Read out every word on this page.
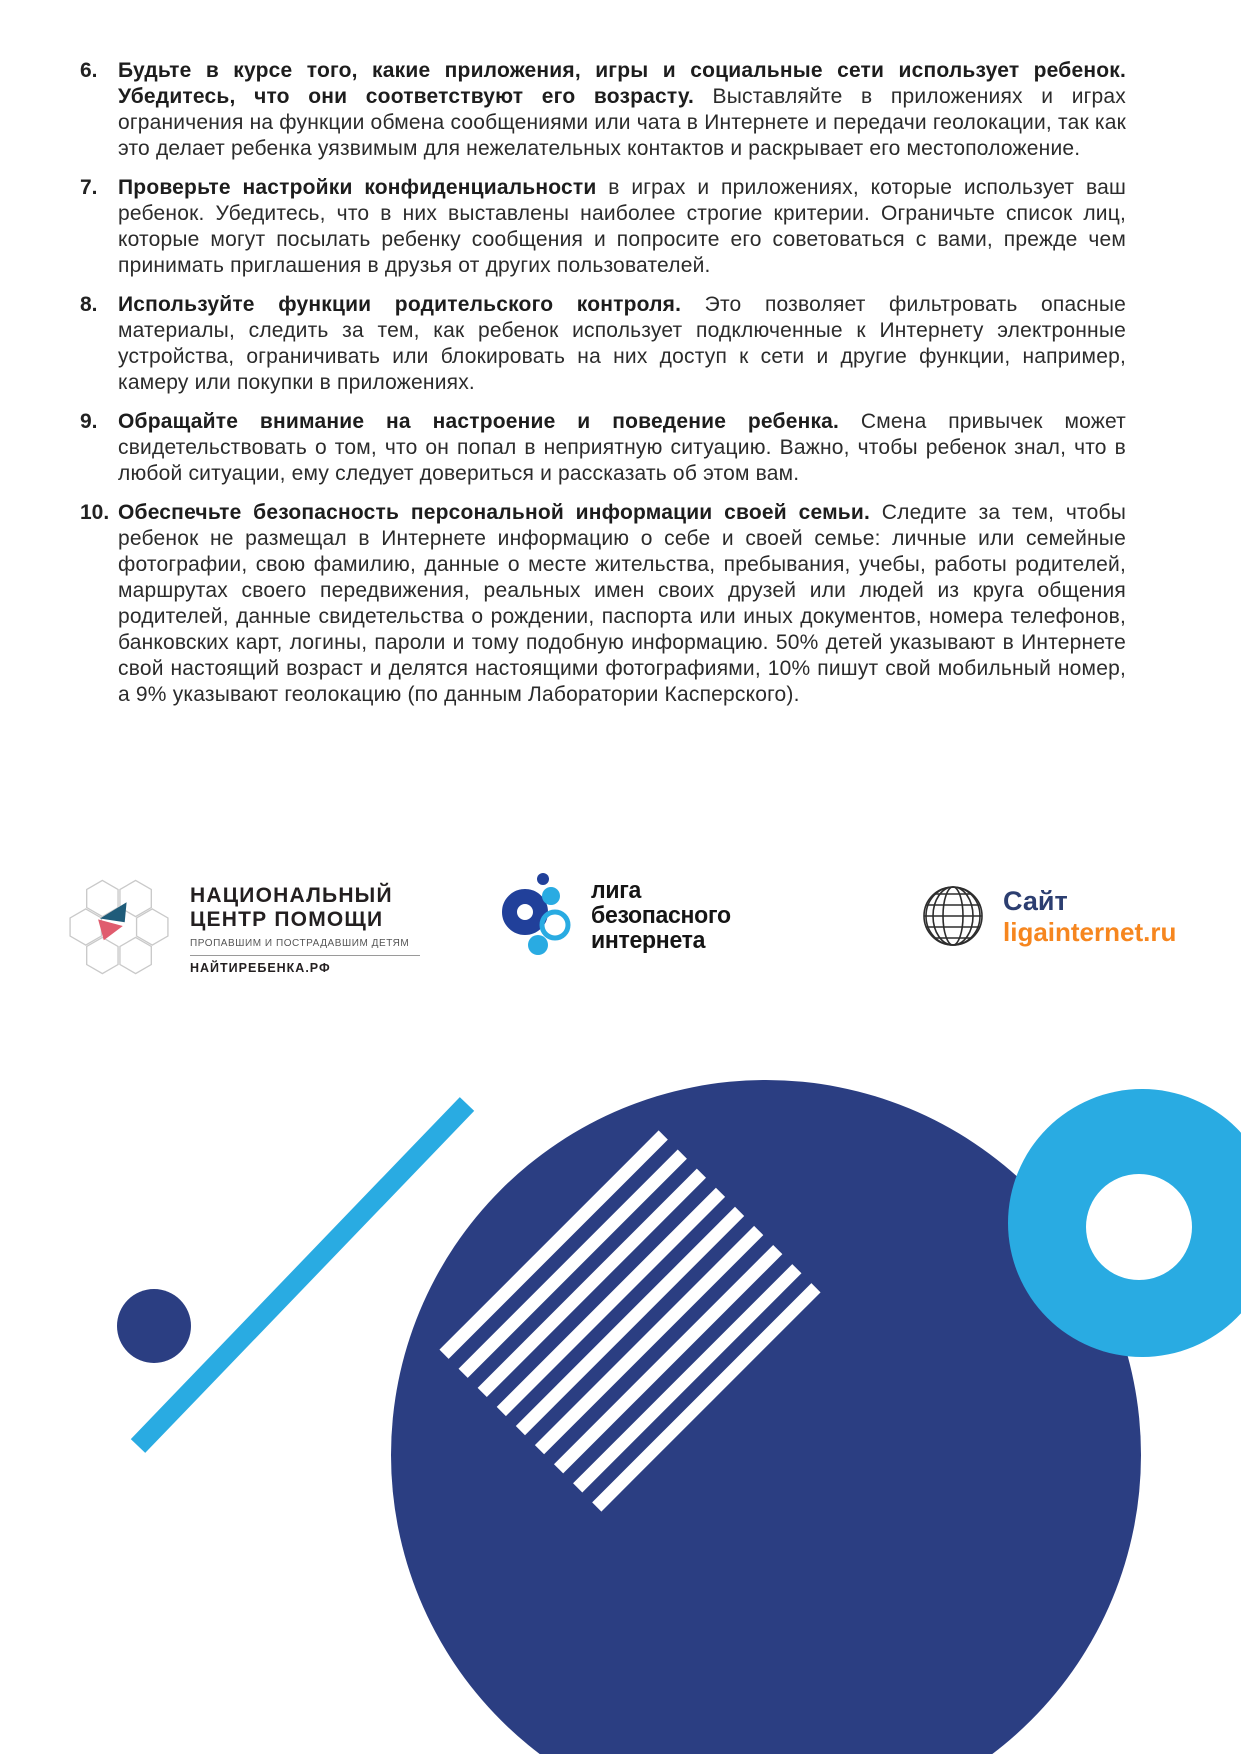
6. Будьте в курсе того, какие приложения, игры и социальные сети использует ребенок. Убедитесь, что они соответствуют его возрасту. Выставляйте в приложениях и играх ограничения на функции обмена сообщениями или чата в Интернете и передачи геолокации, так как это делает ребенка уязвимым для нежелательных контактов и раскрывает его местоположение.
7. Проверьте настройки конфиденциальности в играх и приложениях, которые использует ваш ребенок. Убедитесь, что в них выставлены наиболее строгие критерии. Ограничьте список лиц, которые могут посылать ребенку сообщения и попросите его советоваться с вами, прежде чем принимать приглашения в друзья от других пользователей.
8. Используйте функции родительского контроля. Это позволяет фильтровать опасные материалы, следить за тем, как ребенок использует подключенные к Интернету электронные устройства, ограничивать или блокировать на них доступ к сети и другие функции, например, камеру или покупки в приложениях.
9. Обращайте внимание на настроение и поведение ребенка. Смена привычек может свидетельствовать о том, что он попал в неприятную ситуацию. Важно, чтобы ребенок знал, что в любой ситуации, ему следует довериться и рассказать об этом вам.
10. Обеспечьте безопасность персональной информации своей семьи. Следите за тем, чтобы ребенок не размещал в Интернете информацию о себе и своей семье: личные или семейные фотографии, свою фамилию, данные о месте жительства, пребывания, учебы, работы родителей, маршрутах своего передвижения, реальных имен своих друзей или людей из круга общения родителей, данные свидетельства о рождении, паспорта или иных документов, номера телефонов, банковских карт, логины, пароли и тому подобную информацию. 50% детей указывают в Интернете свой настоящий возраст и делятся настоящими фотографиями, 10% пишут свой мобильный номер, а 9% указывают геолокацию (по данным Лаборатории Касперского).
НАЦИОНАЛЬНЫЙ
ЦЕНТР ПОМОЩИ
ПРОПАВШИМ И ПОСТРАДАВШИМ ДЕТЯМ
НАЙТИРЕБЕНКА.РФ
лига
безопасного
интернета
Сайт
ligainternet.ru
